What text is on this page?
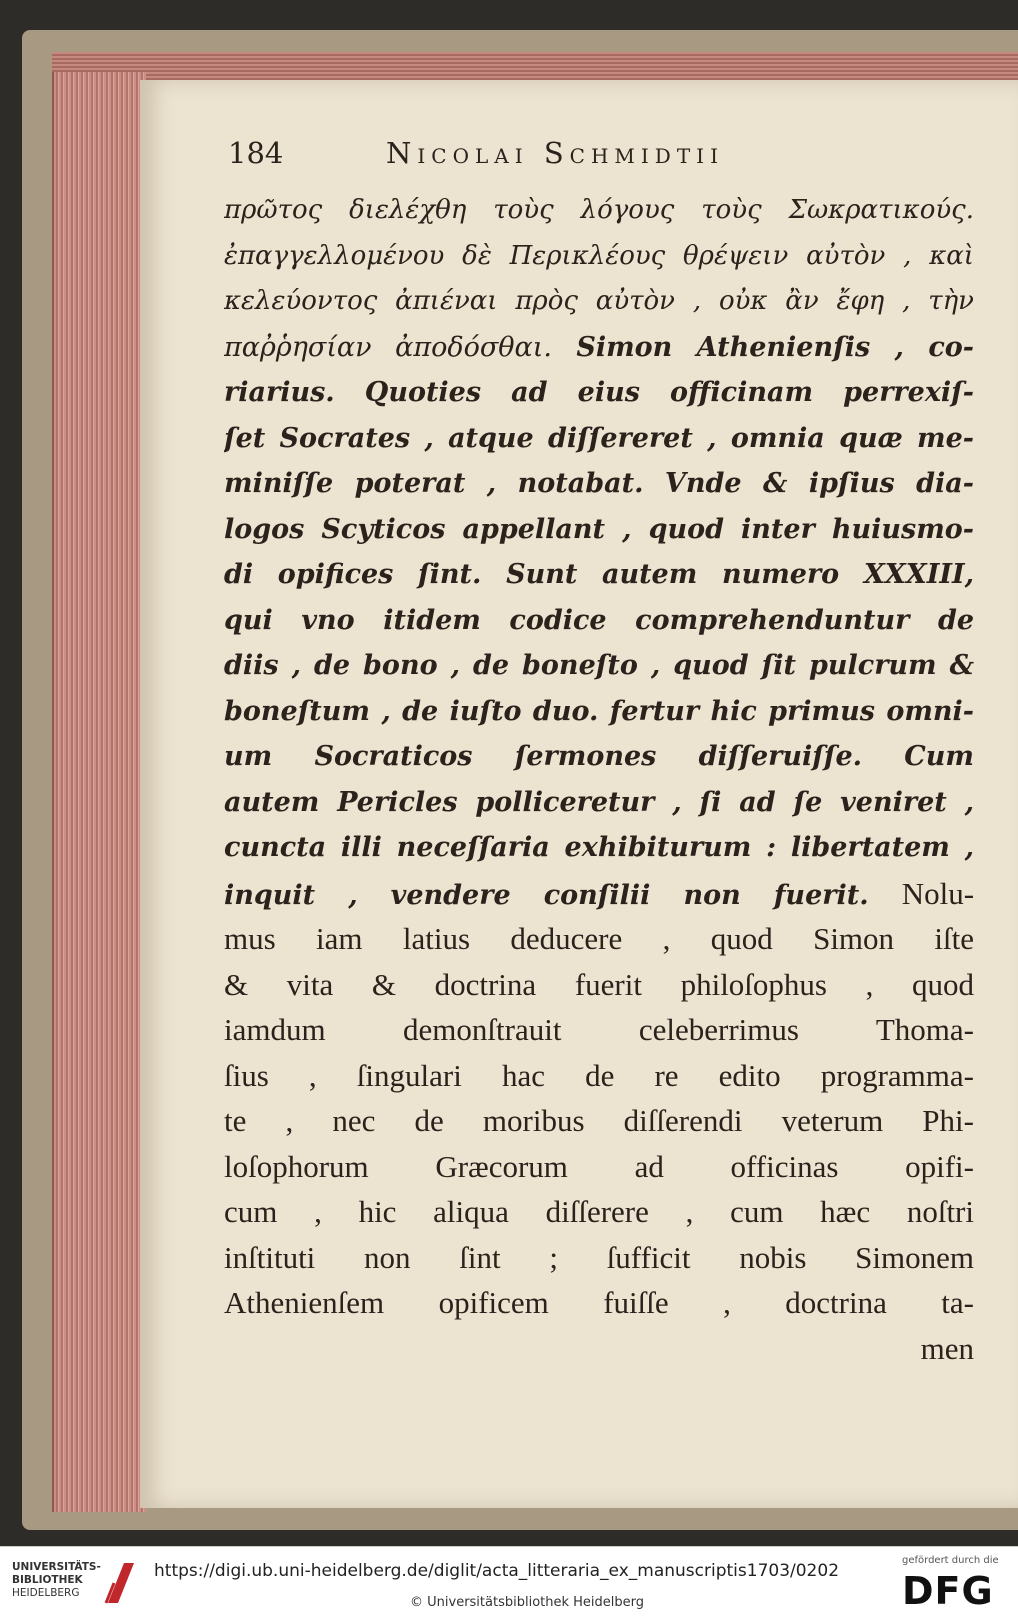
184	Nicolai Schmidtii
πρῶτος διελέχθη τοὺς λόγους τοὺς Σωκρατικούς.
ἐπαγγελλομένου δὲ Περικλέους θρέψειν αὐτὸν , καὶ
κελεύοντος ἀπιέναι πρὸς αὐτὸν , οὐκ ἂν ἔφη , τὴν
παῤῥησίαν ἀποδόσθαι. Simon Athenienſis , co-
riarius. Quoties ad eius officinam perrexiſ-
ſet Socrates , atque diſſereret , omnia quæ me-
miniſſe poterat , notabat. Vnde & ipſius dia-
logos Scyticos appellant , quod inter huiusmo-
di opifices ſint. Sunt autem numero XXXIII,
qui vno itidem codice comprehenduntur de
diis , de bono , de boneſto , quod ſit pulcrum &
boneſtum , de iuſto duo. fertur hic primus omni-
um Socraticos ſermones diſſeruiſſe. Cum
autem Pericles polliceretur , ſi ad ſe veniret ,
cuncta illi neceſſaria exhibiturum : libertatem ,
inquit , vendere conſilii non fuerit. Nolu-
mus iam latius deducere , quod Simon iſte
& vita & doctrina fuerit philoſophus , quod
iamdum demonſtrauit celeberrimus Thoma-
ſius , ſingulari hac de re edito programma-
te , nec de moribus diſſerendi veterum Phi-
loſophorum Græcorum ad officinas opifi-
cum , hic aliqua diſſerere , cum hæc noſtri
inſtituti non ſint ; ſufficit nobis Simonem
Athenienſem opificem fuiſſe , doctrina ta-
men
UNIVERSITÄTS-
BIBLIOTHEK
HEIDELBERG
https://digi.ub.uni-heidelberg.de/diglit/acta_litteraria_ex_manuscriptis1703/0202
© Universitätsbibliothek Heidelberg
gefördert durch die
DFG
